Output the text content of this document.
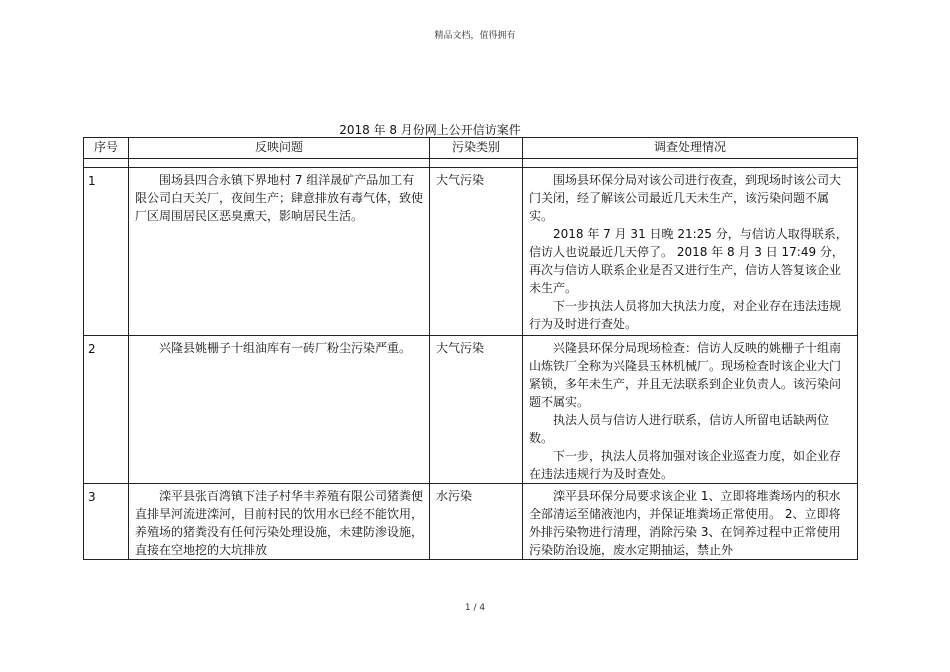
精品文档，值得拥有
2018 年 8 月份网上公开信访案件
序号	反映问题	污染类别	调查处理情况

1	围场县四合永镇下界地村 7 组洋晟矿产品加工有限公司白天关厂，夜间生产；肆意排放有毒气体，致使厂区周围居民区恶臭熏天，影响居民生活。	大气污染	围场县环保分局对该公司进行夜查，到现场时该公司大门关闭，经了解该公司最近几天未生产，该污染问题不属实。

2018 年 7 月 31 日晚 21:25 分，与信访人取得联系，信访人也说最近几天停了。 2018 年 8 月 3 日 17:49 分，再次与信访人联系企业是否又进行生产，信访人答复该企业未生产。

下一步执法人员将加大执法力度，对企业存在违法违规行为及时进行查处。

2	兴隆县姚栅子十组油库有一砖厂粉尘污染严重。	大气污染	兴隆县环保分局现场检查：信访人反映的姚栅子十组南山炼铁厂全称为兴隆县玉林机械厂。现场检查时该企业大门紧锁，多年未生产，并且无法联系到企业负责人。该污染问题不属实。

执法人员与信访人进行联系，信访人所留电话缺两位数。

下一步，执法人员将加强对该企业巡查力度，如企业存在违法违规行为及时查处。

3	滦平县张百湾镇下洼子村华丰养殖有限公司猪粪便直排旱河流进滦河，目前村民的饮用水已经不能饮用，养殖场的猪粪没有任何污染处理设施，未建防渗设施，直接在空地挖的大坑排放	水污染	滦平县环保分局要求该企业 1、立即将堆粪场内的积水全部清运至储液池内，并保证堆粪场正常使用。 2、立即将外排污染物进行清理，消除污染 3、在饲养过程中正常使用污染防治设施，废水定期抽运，禁止外

1 / 4
